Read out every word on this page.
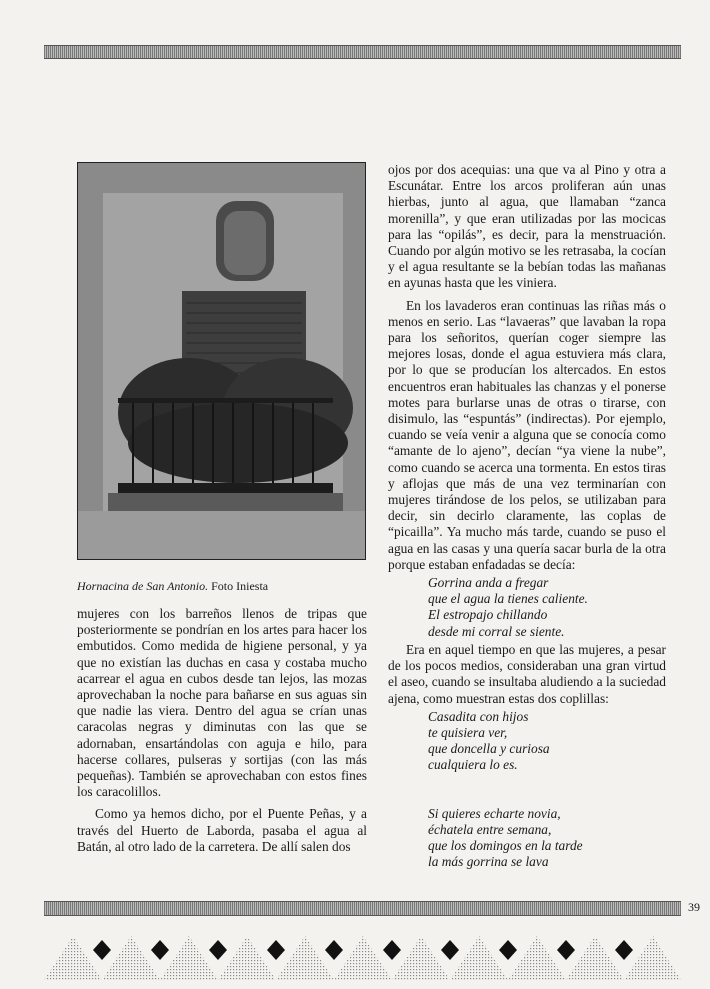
Hornacina de San Antonio. Foto Iniesta

mujeres con los barreños llenos de tripas que posteriormente se pondrían en los artes para hacer los embutidos. Como medida de higiene personal, y ya que no existían las duchas en casa y costaba mucho acarrear el agua en cubos desde tan lejos, las mozas aprovechaban la noche para bañarse en sus aguas sin que nadie las viera. Dentro del agua se crían unas caracolas negras y diminutas con las que se adornaban, ensartándolas con aguja e hilo, para hacerse collares, pulseras y sortijas (con las más pequeñas). También se aprovechaban con estos fines los caracolillos.

Como ya hemos dicho, por el Puente Peñas, y a través del Huerto de Laborda, pasaba el agua al Batán, al otro lado de la carretera. De allí salen dos

ojos por dos acequias: una que va al Pino y otra a Escunátar. Entre los arcos proliferan aún unas hierbas, junto al agua, que llamaban “zanca morenilla”, y que eran utilizadas por las mocicas para las “opilás”, es decir, para la menstruación. Cuando por algún motivo se les retrasaba, la cocían y el agua resultante se la bebían todas las mañanas en ayunas hasta que les viniera.

En los lavaderos eran continuas las riñas más o menos en serio. Las “lavaeras” que lavaban la ropa para los señoritos, querían coger siempre las mejores losas, donde el agua estuviera más clara, por lo que se producían los altercados. En estos encuentros eran habituales las chanzas y el ponerse motes para burlarse unas de otras o tirarse, con disimulo, las “espuntás” (indirectas). Por ejemplo, cuando se veía venir a alguna que se conocía como “amante de lo ajeno”, decían “ya viene la nube”, como cuando se acerca una tormenta. En estos tiras y aflojas que más de una vez terminarían con mujeres tirándose de los pelos, se utilizaban para decir, sin decirlo claramente, las coplas de “picailla”. Ya mucho más tarde, cuando se puso el agua en las casas y una quería sacar burla de la otra porque estaban enfadadas se decía:

Gorrina anda a fregar
que el agua la tienes caliente.
El estropajo chillando
desde mi corral se siente.

Era en aquel tiempo en que las mujeres, a pesar de los pocos medios, consideraban una gran virtud el aseo, cuando se insultaba aludiendo a la suciedad ajena, como muestran estas dos coplillas:

Casadita con hijos
te quisiera ver,
que doncella y curiosa
cualquiera lo es.
Si quieres echarte novia,
échatela entre semana,
que los domingos en la tarde
la más gorrina se lava
39
